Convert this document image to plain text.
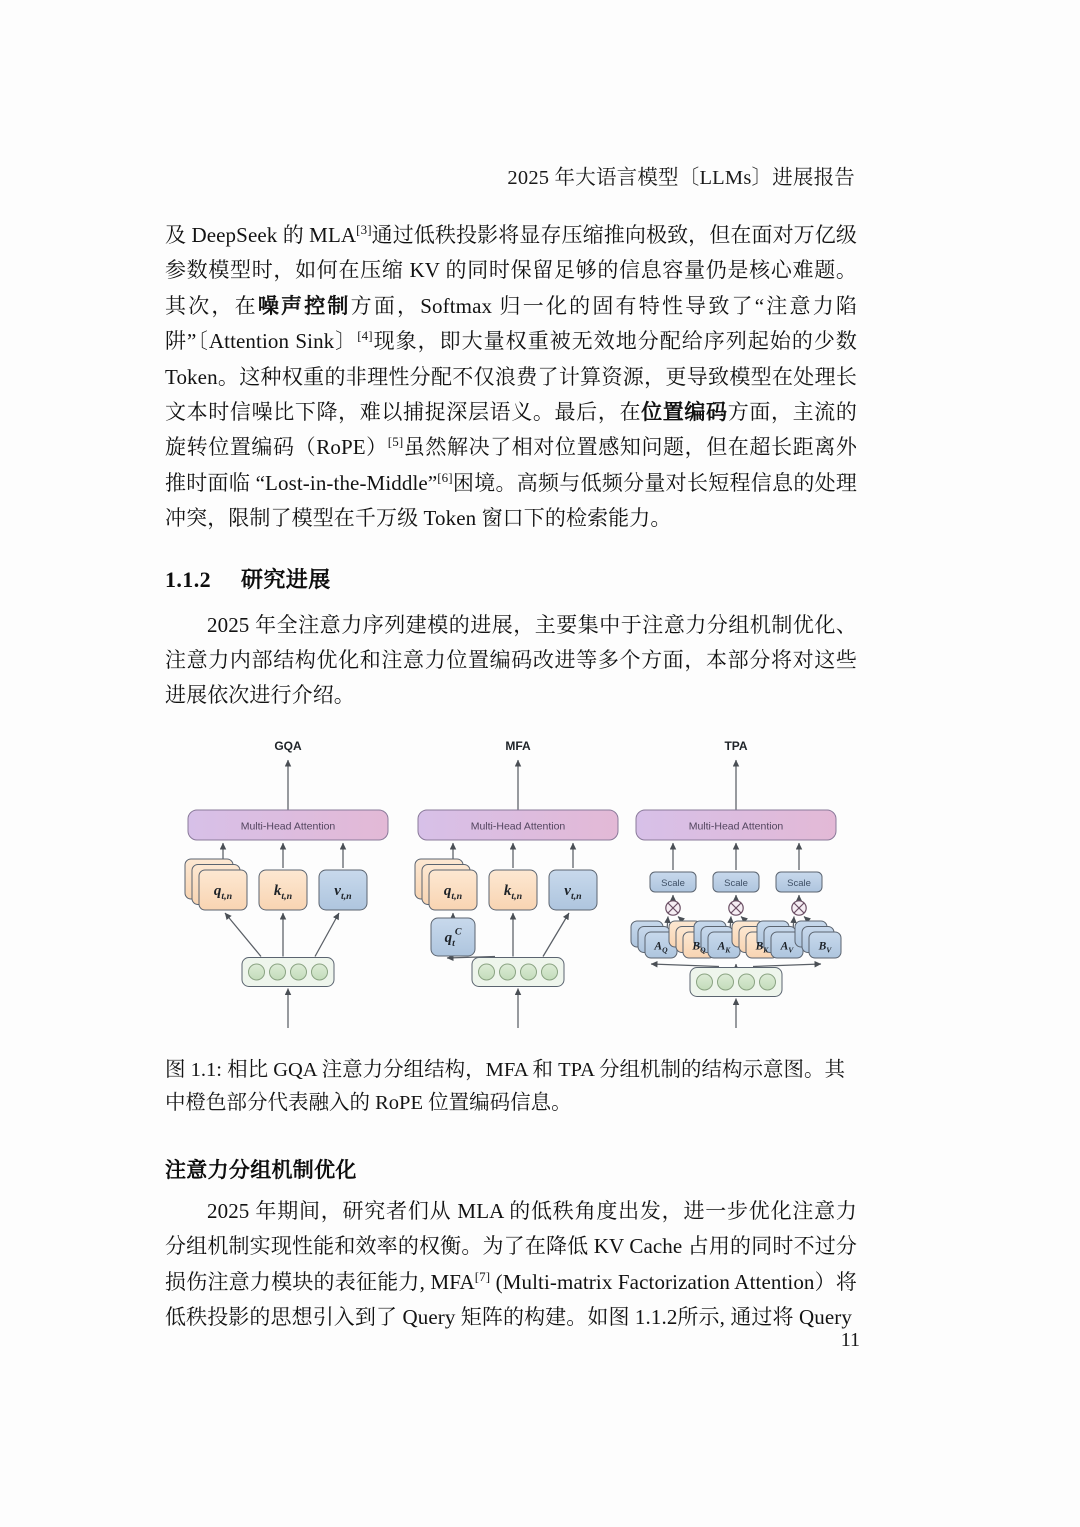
2025 年大语言模型〔LLMs〕进展报告

及 DeepSeek 的 MLA[3]通过低秩投影将显存压缩推向极致，但在面对万亿级参数模型时，如何在压缩 KV 的同时保留足够的信息容量仍是核心难题。其次，在噪声控制方面，Softmax 归一化的固有特性导致了“注意力陷阱”〔Attention Sink〕[4]现象，即大量权重被无效地分配给序列起始的少数 Token。这种权重的非理性分配不仅浪费了计算资源，更导致模型在处理长文本时信噪比下降，难以捕捉深层语义。最后，在位置编码方面，主流的旋转位置编码（RoPE）[5]虽然解决了相对位置感知问题，但在超长距离外推时面临 “Lost-in-the-Middle”[6]困境。高频与低频分量对长短程信息的处理冲突，限制了模型在千万级 Token 窗口下的检索能力。

1.1.2 研究进展

2025 年全注意力序列建模的进展，主要集中于注意力分组机制优化、注意力内部结构优化和注意力位置编码改进等多个方面，本部分将对这些进展依次进行介绍。

GQA
Multi-Head Attention
$q_{t,n}$	$k_{t,n}$	$v_{t,n}$
MFA
Multi-Head Attention
$q_{t,n}$	$k_{t,n}$	$v_{t,n}$
$q_t^C$
TPA
Multi-Head Attention
Scale
$A_Q$ $B_Q$
Scale
$A_K$ $B_K$
Scale
$A_V$ $B_V$

图 1.1: 相比 GQA 注意力分组结构，MFA 和 TPA 分组机制的结构示意图。其中橙色部分代表融入的 RoPE 位置编码信息。

注意力分组机制优化

2025 年期间，研究者们从 MLA 的低秩角度出发，进一步优化注意力分组机制实现性能和效率的权衡。为了在降低 KV Cache 占用的同时不过分损伤注意力模块的表征能力, MFA[7] (Multi-matrix Factorization Attention）将低秩投影的思想引入到了 Query 矩阵的构建。如图 1.1.2所示, 通过将 Query

11
